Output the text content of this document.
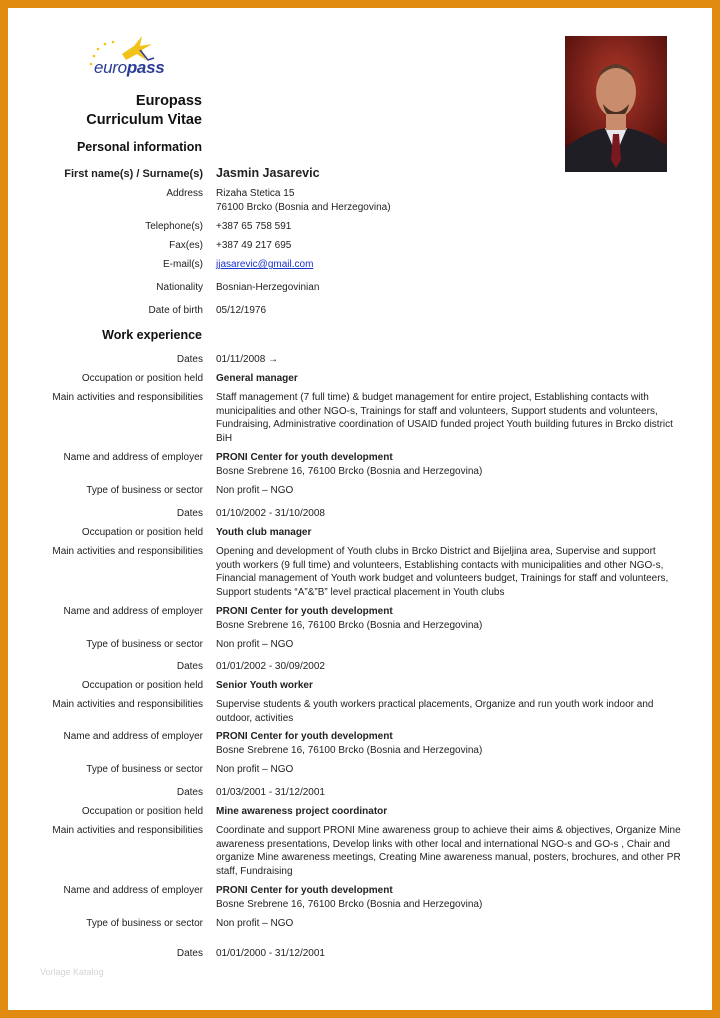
europass
Europass
Curriculum Vitae
Personal information
First name(s) / Surname(s) Jasmin Jasarevic
Address Rizaha Stetica 15
76100 Brcko (Bosnia and Herzegovina)
Telephone(s) +387 65 758 591
Fax(es) +387 49 217 695
E-mail(s) jjasarevic@gmail.com
Nationality Bosnian-Herzegovinian
Date of birth 05/12/1976
Work experience
Dates 01/11/2008 →
Occupation or position held General manager
Main activities and responsibilities Staff management (7 full time) & budget management for entire project, Establishing contacts with municipalities and other NGO-s, Trainings for staff and volunteers, Support students and volunteers, Fundraising, Administrative coordination of USAID funded project Youth building futures in Brcko district BiH
Name and address of employer PRONI Center for youth development
Bosne Srebrene 16, 76100 Brcko (Bosnia and Herzegovina)
Type of business or sector Non profit – NGO
Dates 01/10/2002 - 31/10/2008
Occupation or position held Youth club manager
Main activities and responsibilities Opening and development of Youth clubs in Brcko District and Bijeljina area, Supervise and support youth workers (9 full time) and volunteers, Establishing contacts with municipalities and other NGO-s, Financial management of Youth work budget and volunteers budget, Trainings for staff and volunteers, Support students “A”&”B” level practical placement in Youth clubs
Name and address of employer PRONI Center for youth development
Bosne Srebrene 16, 76100 Brcko (Bosnia and Herzegovina)
Type of business or sector Non profit – NGO
Dates 01/01/2002 - 30/09/2002
Occupation or position held Senior Youth worker
Main activities and responsibilities Supervise students & youth workers practical placements, Organize and run youth work indoor and outdoor, activities
Name and address of employer PRONI Center for youth development
Bosne Srebrene 16, 76100 Brcko (Bosnia and Herzegovina)
Type of business or sector Non profit – NGO
Dates 01/03/2001 - 31/12/2001
Occupation or position held Mine awareness project coordinator
Main activities and responsibilities Coordinate and support PRONI Mine awareness group to achieve their aims & objectives, Organize Mine awareness presentations, Develop links with other local and international NGO-s and GO-s , Chair and organize Mine awareness meetings, Creating Mine awareness manual, posters, brochures, and other PR staff, Fundraising
Name and address of employer PRONI Center for youth development
Bosne Srebrene 16, 76100 Brcko (Bosnia and Herzegovina)
Type of business or sector Non profit – NGO
Dates 01/01/2000 - 31/12/2001
Vorlage Katalog
